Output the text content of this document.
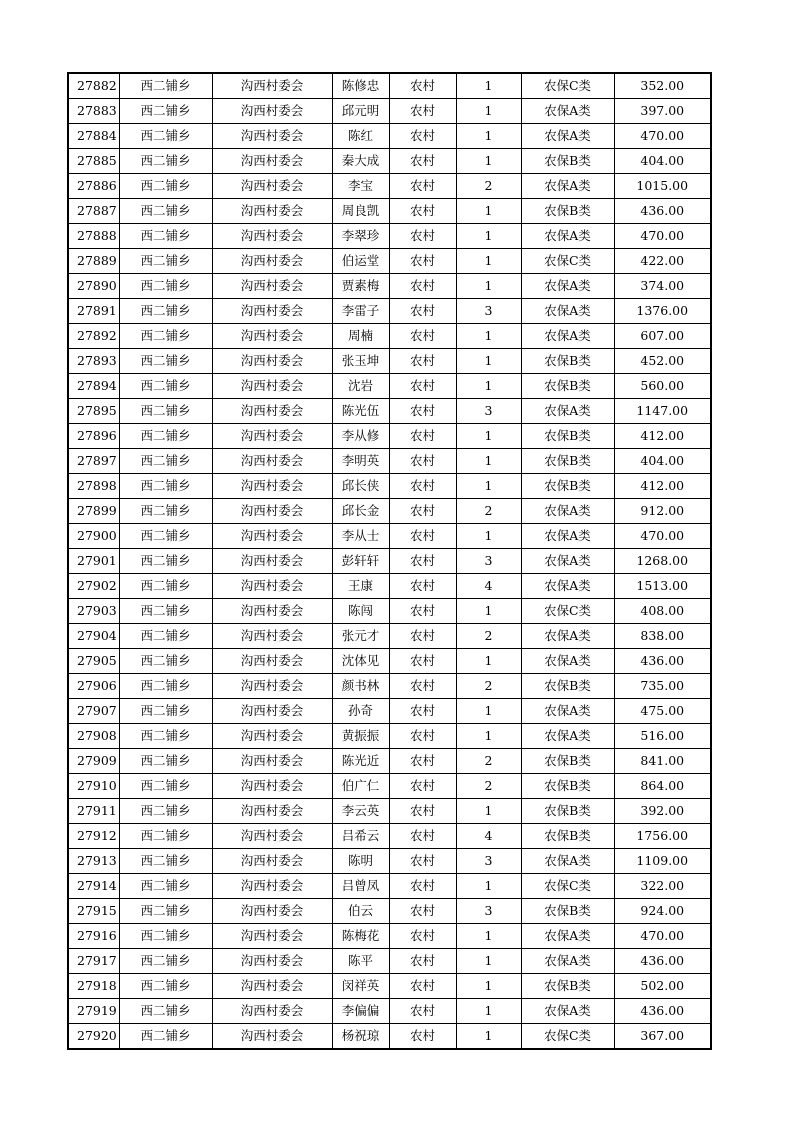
27882	西二铺乡	沟西村委会	陈修忠	农村	1	农保C类	352.00
27883	西二铺乡	沟西村委会	邱元明	农村	1	农保A类	397.00
27884	西二铺乡	沟西村委会	陈红	农村	1	农保A类	470.00
27885	西二铺乡	沟西村委会	秦大成	农村	1	农保B类	404.00
27886	西二铺乡	沟西村委会	李宝	农村	2	农保A类	1015.00
27887	西二铺乡	沟西村委会	周良凯	农村	1	农保B类	436.00
27888	西二铺乡	沟西村委会	李翠珍	农村	1	农保A类	470.00
27889	西二铺乡	沟西村委会	伯运堂	农村	1	农保C类	422.00
27890	西二铺乡	沟西村委会	贾素梅	农村	1	农保A类	374.00
27891	西二铺乡	沟西村委会	李雷子	农村	3	农保A类	1376.00
27892	西二铺乡	沟西村委会	周楠	农村	1	农保A类	607.00
27893	西二铺乡	沟西村委会	张玉坤	农村	1	农保B类	452.00
27894	西二铺乡	沟西村委会	沈岩	农村	1	农保B类	560.00
27895	西二铺乡	沟西村委会	陈光伍	农村	3	农保A类	1147.00
27896	西二铺乡	沟西村委会	李从修	农村	1	农保B类	412.00
27897	西二铺乡	沟西村委会	李明英	农村	1	农保B类	404.00
27898	西二铺乡	沟西村委会	邱长侠	农村	1	农保B类	412.00
27899	西二铺乡	沟西村委会	邱长金	农村	2	农保A类	912.00
27900	西二铺乡	沟西村委会	李从士	农村	1	农保A类	470.00
27901	西二铺乡	沟西村委会	彭轩轩	农村	3	农保A类	1268.00
27902	西二铺乡	沟西村委会	王康	农村	4	农保A类	1513.00
27903	西二铺乡	沟西村委会	陈闯	农村	1	农保C类	408.00
27904	西二铺乡	沟西村委会	张元才	农村	2	农保A类	838.00
27905	西二铺乡	沟西村委会	沈体见	农村	1	农保A类	436.00
27906	西二铺乡	沟西村委会	颜书林	农村	2	农保B类	735.00
27907	西二铺乡	沟西村委会	孙奇	农村	1	农保A类	475.00
27908	西二铺乡	沟西村委会	黄振振	农村	1	农保A类	516.00
27909	西二铺乡	沟西村委会	陈光近	农村	2	农保B类	841.00
27910	西二铺乡	沟西村委会	伯广仁	农村	2	农保B类	864.00
27911	西二铺乡	沟西村委会	李云英	农村	1	农保B类	392.00
27912	西二铺乡	沟西村委会	吕希云	农村	4	农保B类	1756.00
27913	西二铺乡	沟西村委会	陈明	农村	3	农保A类	1109.00
27914	西二铺乡	沟西村委会	吕曾凤	农村	1	农保C类	322.00
27915	西二铺乡	沟西村委会	伯云	农村	3	农保B类	924.00
27916	西二铺乡	沟西村委会	陈梅花	农村	1	农保A类	470.00
27917	西二铺乡	沟西村委会	陈平	农村	1	农保A类	436.00
27918	西二铺乡	沟西村委会	闵祥英	农村	1	农保B类	502.00
27919	西二铺乡	沟西村委会	李偏偏	农村	1	农保A类	436.00
27920	西二铺乡	沟西村委会	杨祝琼	农村	1	农保C类	367.00
